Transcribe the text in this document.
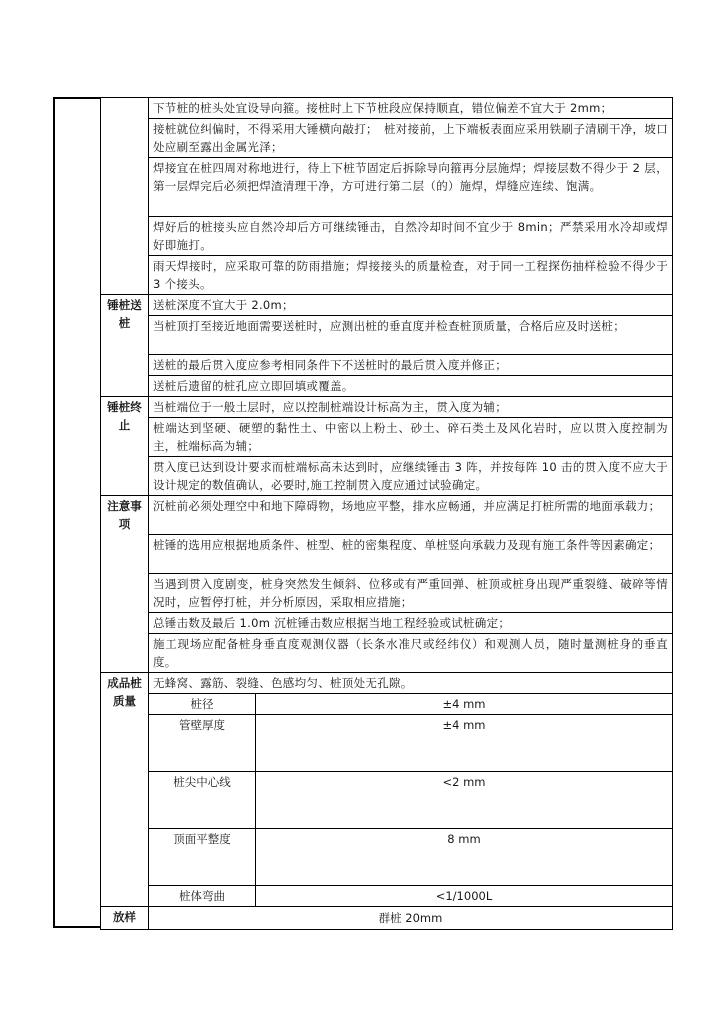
	下节桩的桩头处宜设导向箍。接桩时上下节桩段应保持顺直，错位偏差不宜大于 2mm；	
	接桩就位纠偏时，不得采用大锤横向敲打；　桩对接前，上下端板表面应采用铁刷子清刷干净，坡口处应刷至露出金属光泽；	
	焊接宜在桩四周对称地进行，待上下桩节固定后拆除导向箍再分层施焊；焊接层数不得少于 2 层，第一层焊完后必须把焊渣清理干净，方可进行第二层（的）施焊，焊缝应连续、饱满。	
	焊好后的桩接头应自然冷却后方可继续锤击，自然冷却时间不宜少于 8min；严禁采用水冷却或焊好即施打。	
	雨天焊接时，应采取可靠的防雨措施；焊接接头的质量检查，对于同一工程探伤抽样检验不得少于 3 个接头。	
锤桩送桩	送桩深度不宜大于 2.0m；	
	当桩顶打至接近地面需要送桩时，应测出桩的垂直度并检查桩顶质量，合格后应及时送桩；	
	送桩的最后贯入度应参考相同条件下不送桩时的最后贯入度并修正；	
	送桩后遗留的桩孔应立即回填或覆盖。	
锤桩终止	当桩端位于一般土层时，应以控制桩端设计标高为主，贯入度为辅；	
	桩端达到坚硬、硬塑的黏性土、中密以上粉土、砂土、碎石类土及风化岩时，应以贯入度控制为主，桩端标高为辅；	
	贯入度已达到设计要求而桩端标高未达到时，应继续锤击 3 阵，并按每阵 10 击的贯入度不应大于设计规定的数值确认，必要时,施工控制贯入度应通过试验确定。	
注意事项	沉桩前必须处理空中和地下障碍物，场地应平整，排水应畅通，并应满足打桩所需的地面承载力；	
	桩锤的选用应根据地质条件、桩型、桩的密集程度、单桩竖向承载力及现有施工条件等因素确定；	
	当遇到贯入度剧变，桩身突然发生倾斜、位移或有严重回弹、桩顶或桩身出现严重裂缝、破碎等情况时，应暂停打桩，并分析原因，采取相应措施；	
	总锤击数及最后 1.0m 沉桩锤击数应根据当地工程经验或试桩确定；	
	施工现场应配备桩身垂直度观测仪器（长条水准尺或经纬仪）和观测人员，随时量测桩身的垂直度。	
成品桩质量	无蜂窝、露筋、裂缝、色感均匀、桩顶处无孔隙。	
	桩径	±4 mm
	管壁厚度	±4 mm
	桩尖中心线	<2 mm
	顶面平整度	8 mm
	桩体弯曲	<1/1000L
放样	群桩 20mm	
